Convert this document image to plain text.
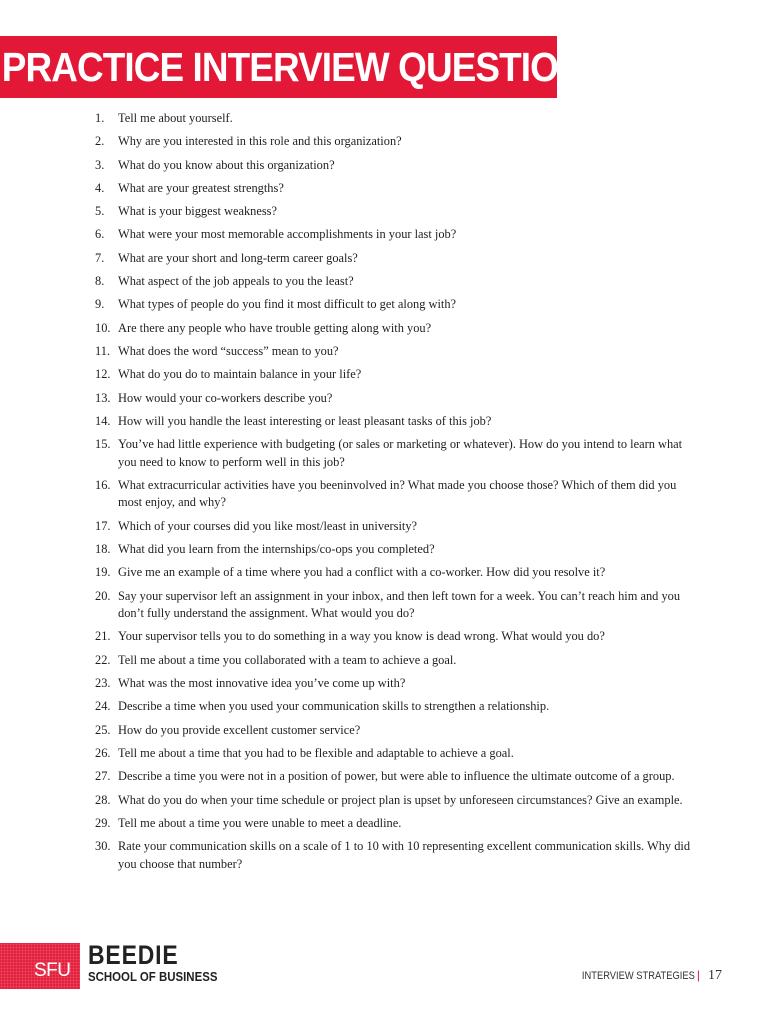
PRACTICE INTERVIEW QUESTIONS
1.	Tell me about yourself.
2.	Why are you interested in this role and this organization?
3.	What do you know about this organization?
4.	What are your greatest strengths?
5.	What is your biggest weakness?
6.	What were your most memorable accomplishments in your last job?
7.	What are your short and long-term career goals?
8.	What aspect of the job appeals to you the least?
9.	What types of people do you find it most difficult to get along with?
10. Are there any people who have trouble getting along with you?
11. What does the word “success” mean to you?
12. What do you do to maintain balance in your life?
13. How would your co-workers describe you?
14. How will you handle the least interesting or least pleasant tasks of this job?
15. You’ve had little experience with budgeting (or sales or marketing or whatever). How do you intend to learn what you need to know to perform well in this job?
16. What extracurricular activities have you beeninvolved in? What made you choose those? Which of them did you most enjoy, and why?
17. Which of your courses did you like most/least in university?
18. What did you learn from the internships/co-ops you completed?
19. Give me an example of a time where you had a conflict with a co-worker. How did you resolve it?
20. Say your supervisor left an assignment in your inbox, and then left town for a week. You can’t reach him and you don’t fully understand the assignment. What would you do?
21. Your supervisor tells you to do something in a way you know is dead wrong. What would you do?
22. Tell me about a time you collaborated with a team to achieve a goal.
23. What was the most innovative idea you’ve come up with?
24. Describe a time when you used your communication skills to strengthen a relationship.
25. How do you provide excellent customer service?
26. Tell me about a time that you had to be flexible and adaptable to achieve a goal.
27. Describe a time you were not in a position of power, but were able to influence the ultimate outcome of a group.
28. What do you do when your time schedule or project plan is upset by unforeseen circumstances? Give an example.
29. Tell me about a time you were unable to meet a deadline.
30. Rate your communication skills on a scale of 1 to 10 with 10 representing excellent communication skills. Why did you choose that number?
SFU
BEEDIE
SCHOOL OF BUSINESS	INTERVIEW STRATEGIES | 17
